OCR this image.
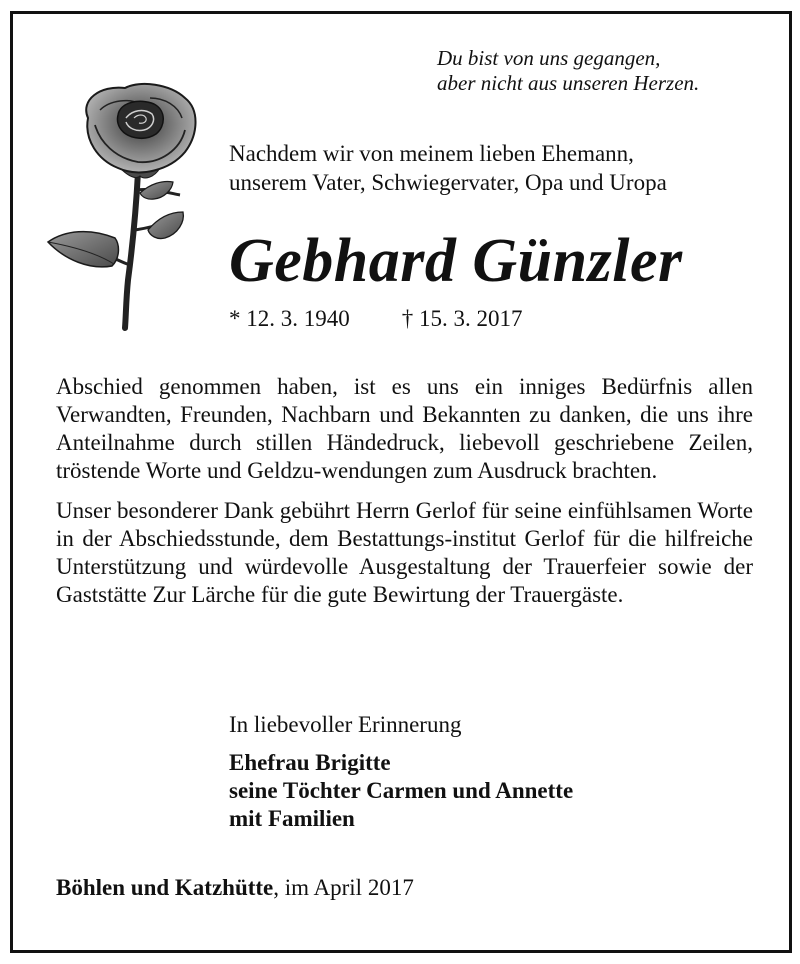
Du bist von uns gegangen,
aber nicht aus unseren Herzen.

Nachdem wir von meinem lieben Ehemann,

unserem Vater, Schwiegervater, Opa und Uropa

Gebhard Günzler
* 12. 3. 1940 † 15. 3. 2017

Abschied genommen haben, ist es uns ein inniges Bedürfnis allen Verwandten, Freunden, Nachbarn und Bekannten zu danken, die uns ihre Anteilnahme durch stillen Händedruck, liebevoll geschriebene Zeilen, tröstende Worte und Geldzu-wendungen zum Ausdruck brachten.

Unser besonderer Dank gebührt Herrn Gerlof für seine einfühlsamen Worte in der Abschiedsstunde, dem Bestattungs-institut Gerlof für die hilfreiche Unterstützung und würdevolle Ausgestaltung der Trauerfeier sowie der Gaststätte Zur Lärche für die gute Bewirtung der Trauergäste.

In liebevoller Erinnerung
Ehefrau Brigitte
seine Töchter Carmen und Annette
mit Familien
Böhlen und Katzhütte, im April 2017
